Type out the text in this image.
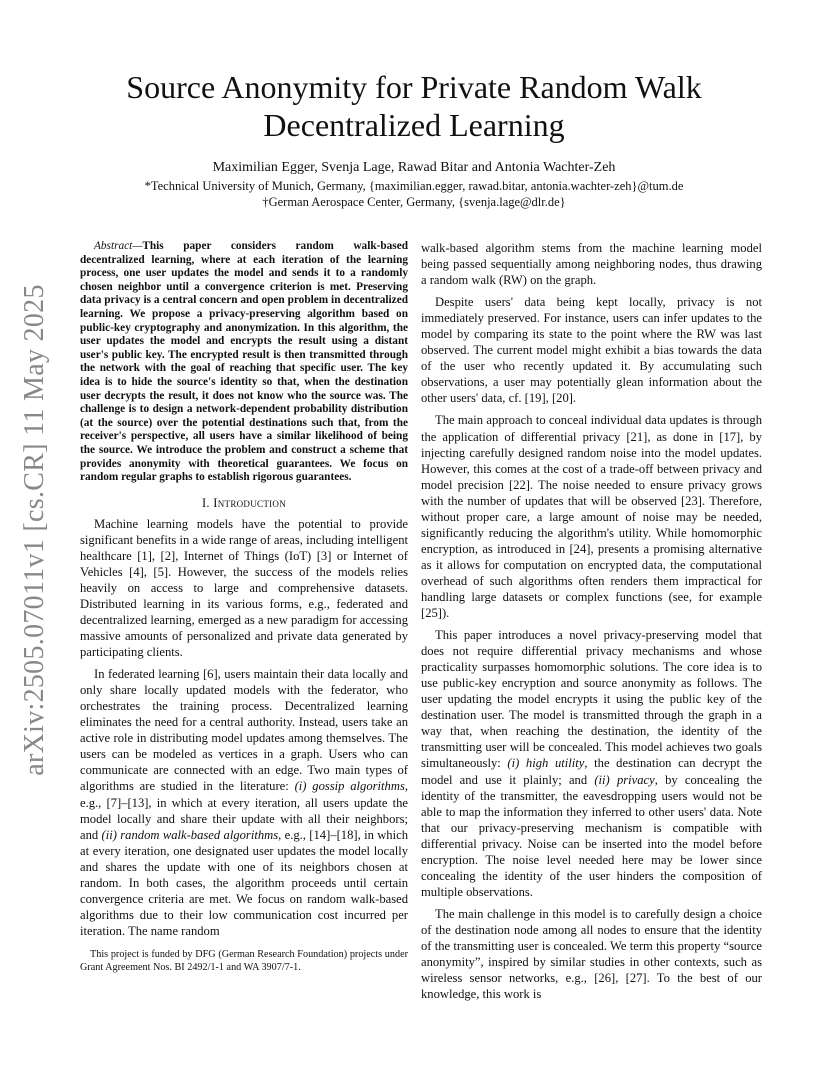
arXiv:2505.07011v1 [cs.CR] 11 May 2025
Source Anonymity for Private Random Walk
Decentralized Learning
Maximilian Egger, Svenja Lage, Rawad Bitar and Antonia Wachter-Zeh
*Technical University of Munich, Germany, {maximilian.egger, rawad.bitar, antonia.wachter-zeh}@tum.de
†German Aerospace Center, Germany, {svenja.lage@dlr.de}

Abstract—This paper considers random walk-based decentralized learning, where at each iteration of the learning process, one user updates the model and sends it to a randomly chosen neighbor until a convergence criterion is met. Preserving data privacy is a central concern and open problem in decentralized learning. We propose a privacy-preserving algorithm based on public-key cryptography and anonymization. In this algorithm, the user updates the model and encrypts the result using a distant user's public key. The encrypted result is then transmitted through the network with the goal of reaching that specific user. The key idea is to hide the source's identity so that, when the destination user decrypts the result, it does not know who the source was. The challenge is to design a network-dependent probability distribution (at the source) over the potential destinations such that, from the receiver's perspective, all users have a similar likelihood of being the source. We introduce the problem and construct a scheme that provides anonymity with theoretical guarantees. We focus on random regular graphs to establish rigorous guarantees.

I. Introduction

Machine learning models have the potential to provide significant benefits in a wide range of areas, including intelligent healthcare [1], [2], Internet of Things (IoT) [3] or Internet of Vehicles [4], [5]. However, the success of the models relies heavily on access to large and comprehensive datasets. Distributed learning in its various forms, e.g., federated and decentralized learning, emerged as a new paradigm for accessing massive amounts of personalized and private data generated by participating clients.

In federated learning [6], users maintain their data locally and only share locally updated models with the federator, who orchestrates the training process. Decentralized learning eliminates the need for a central authority. Instead, users take an active role in distributing model updates among themselves. The users can be modeled as vertices in a graph. Users who can communicate are connected with an edge. Two main types of algorithms are studied in the literature: (i) gossip algorithms, e.g., [7]–[13], in which at every iteration, all users update the model locally and share their update with all their neighbors; and (ii) random walk-based algorithms, e.g., [14]–[18], in which at every iteration, one designated user updates the model locally and shares the update with one of its neighbors chosen at random. In both cases, the algorithm proceeds until certain convergence criteria are met. We focus on random walk-based algorithms due to their low communication cost incurred per iteration. The name random

This project is funded by DFG (German Research Foundation) projects under Grant Agreement Nos. BI 2492/1-1 and WA 3907/7-1.

walk-based algorithm stems from the machine learning model being passed sequentially among neighboring nodes, thus drawing a random walk (RW) on the graph.

Despite users' data being kept locally, privacy is not immediately preserved. For instance, users can infer updates to the model by comparing its state to the point where the RW was last observed. The current model might exhibit a bias towards the data of the user who recently updated it. By accumulating such observations, a user may potentially glean information about the other users' data, cf. [19], [20].

The main approach to conceal individual data updates is through the application of differential privacy [21], as done in [17], by injecting carefully designed random noise into the model updates. However, this comes at the cost of a trade-off between privacy and model precision [22]. The noise needed to ensure privacy grows with the number of updates that will be observed [23]. Therefore, without proper care, a large amount of noise may be needed, significantly reducing the algorithm's utility. While homomorphic encryption, as introduced in [24], presents a promising alternative as it allows for computation on encrypted data, the computational overhead of such algorithms often renders them impractical for handling large datasets or complex functions (see, for example [25]).

This paper introduces a novel privacy-preserving model that does not require differential privacy mechanisms and whose practicality surpasses homomorphic solutions. The core idea is to use public-key encryption and source anonymity as follows. The user updating the model encrypts it using the public key of the destination user. The model is transmitted through the graph in a way that, when reaching the destination, the identity of the transmitting user will be concealed. This model achieves two goals simultaneously: (i) high utility, the destination can decrypt the model and use it plainly; and (ii) privacy, by concealing the identity of the transmitter, the eavesdropping users would not be able to map the information they inferred to other users' data. Note that our privacy-preserving mechanism is compatible with differential privacy. Noise can be inserted into the model before encryption. The noise level needed here may be lower since concealing the identity of the user hinders the composition of multiple observations.

The main challenge in this model is to carefully design a choice of the destination node among all nodes to ensure that the identity of the transmitting user is concealed. We term this property “source anonymity”, inspired by similar studies in other contexts, such as wireless sensor networks, e.g., [26], [27]. To the best of our knowledge, this work is
